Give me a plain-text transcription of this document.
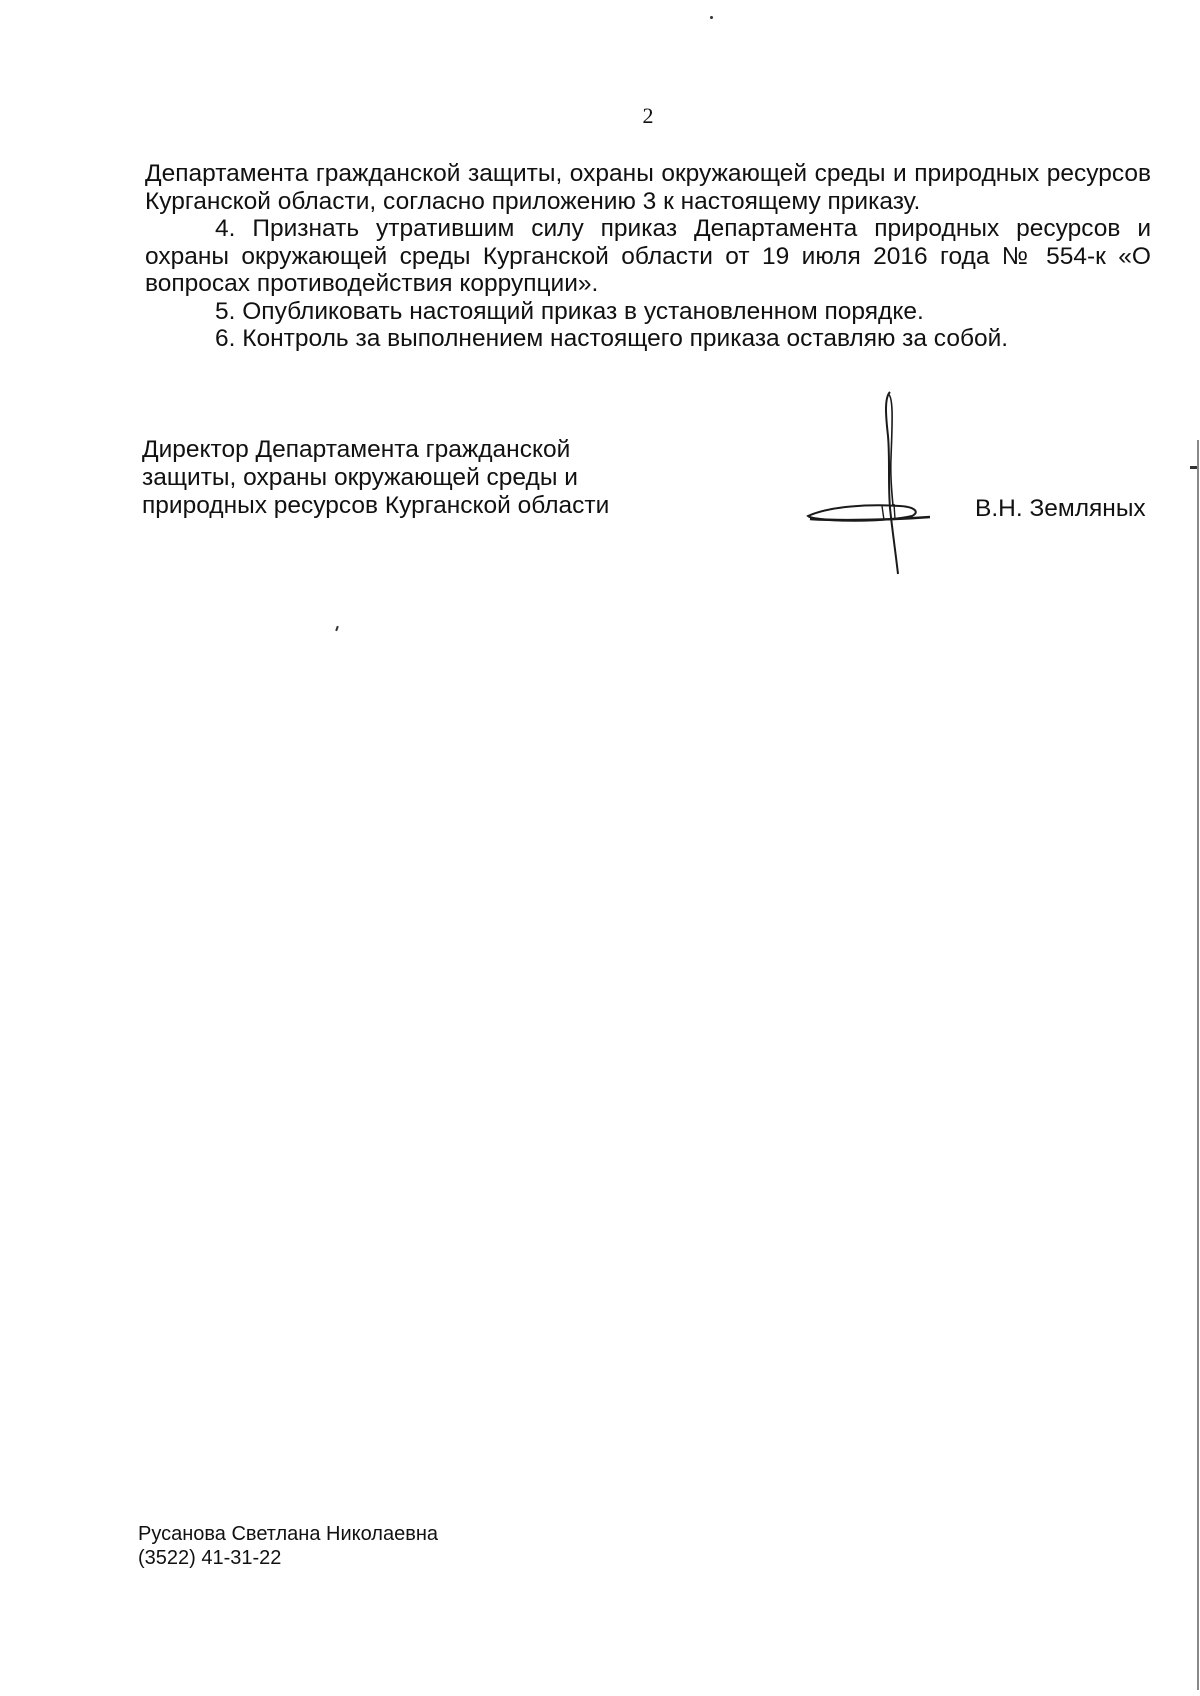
2

Департамента гражданской защиты, охраны окружающей среды и природных ресурсов Курганской области, согласно приложению 3 к настоящему приказу.

4. Признать утратившим силу приказ Департамента природных ресурсов и охраны окружающей среды Курганской области от 19 июля 2016 года № 554-к «О вопросах противодействия коррупции».

5. Опубликовать настоящий приказ в установленном порядке.

6. Контроль за выполнением настоящего приказа оставляю за собой.

Директор Департамента гражданской
защиты, охраны окружающей среды и
природных ресурсов Курганской области	В.Н. Земляных
Русанова Светлана Николаевна
(3522) 41-31-22
